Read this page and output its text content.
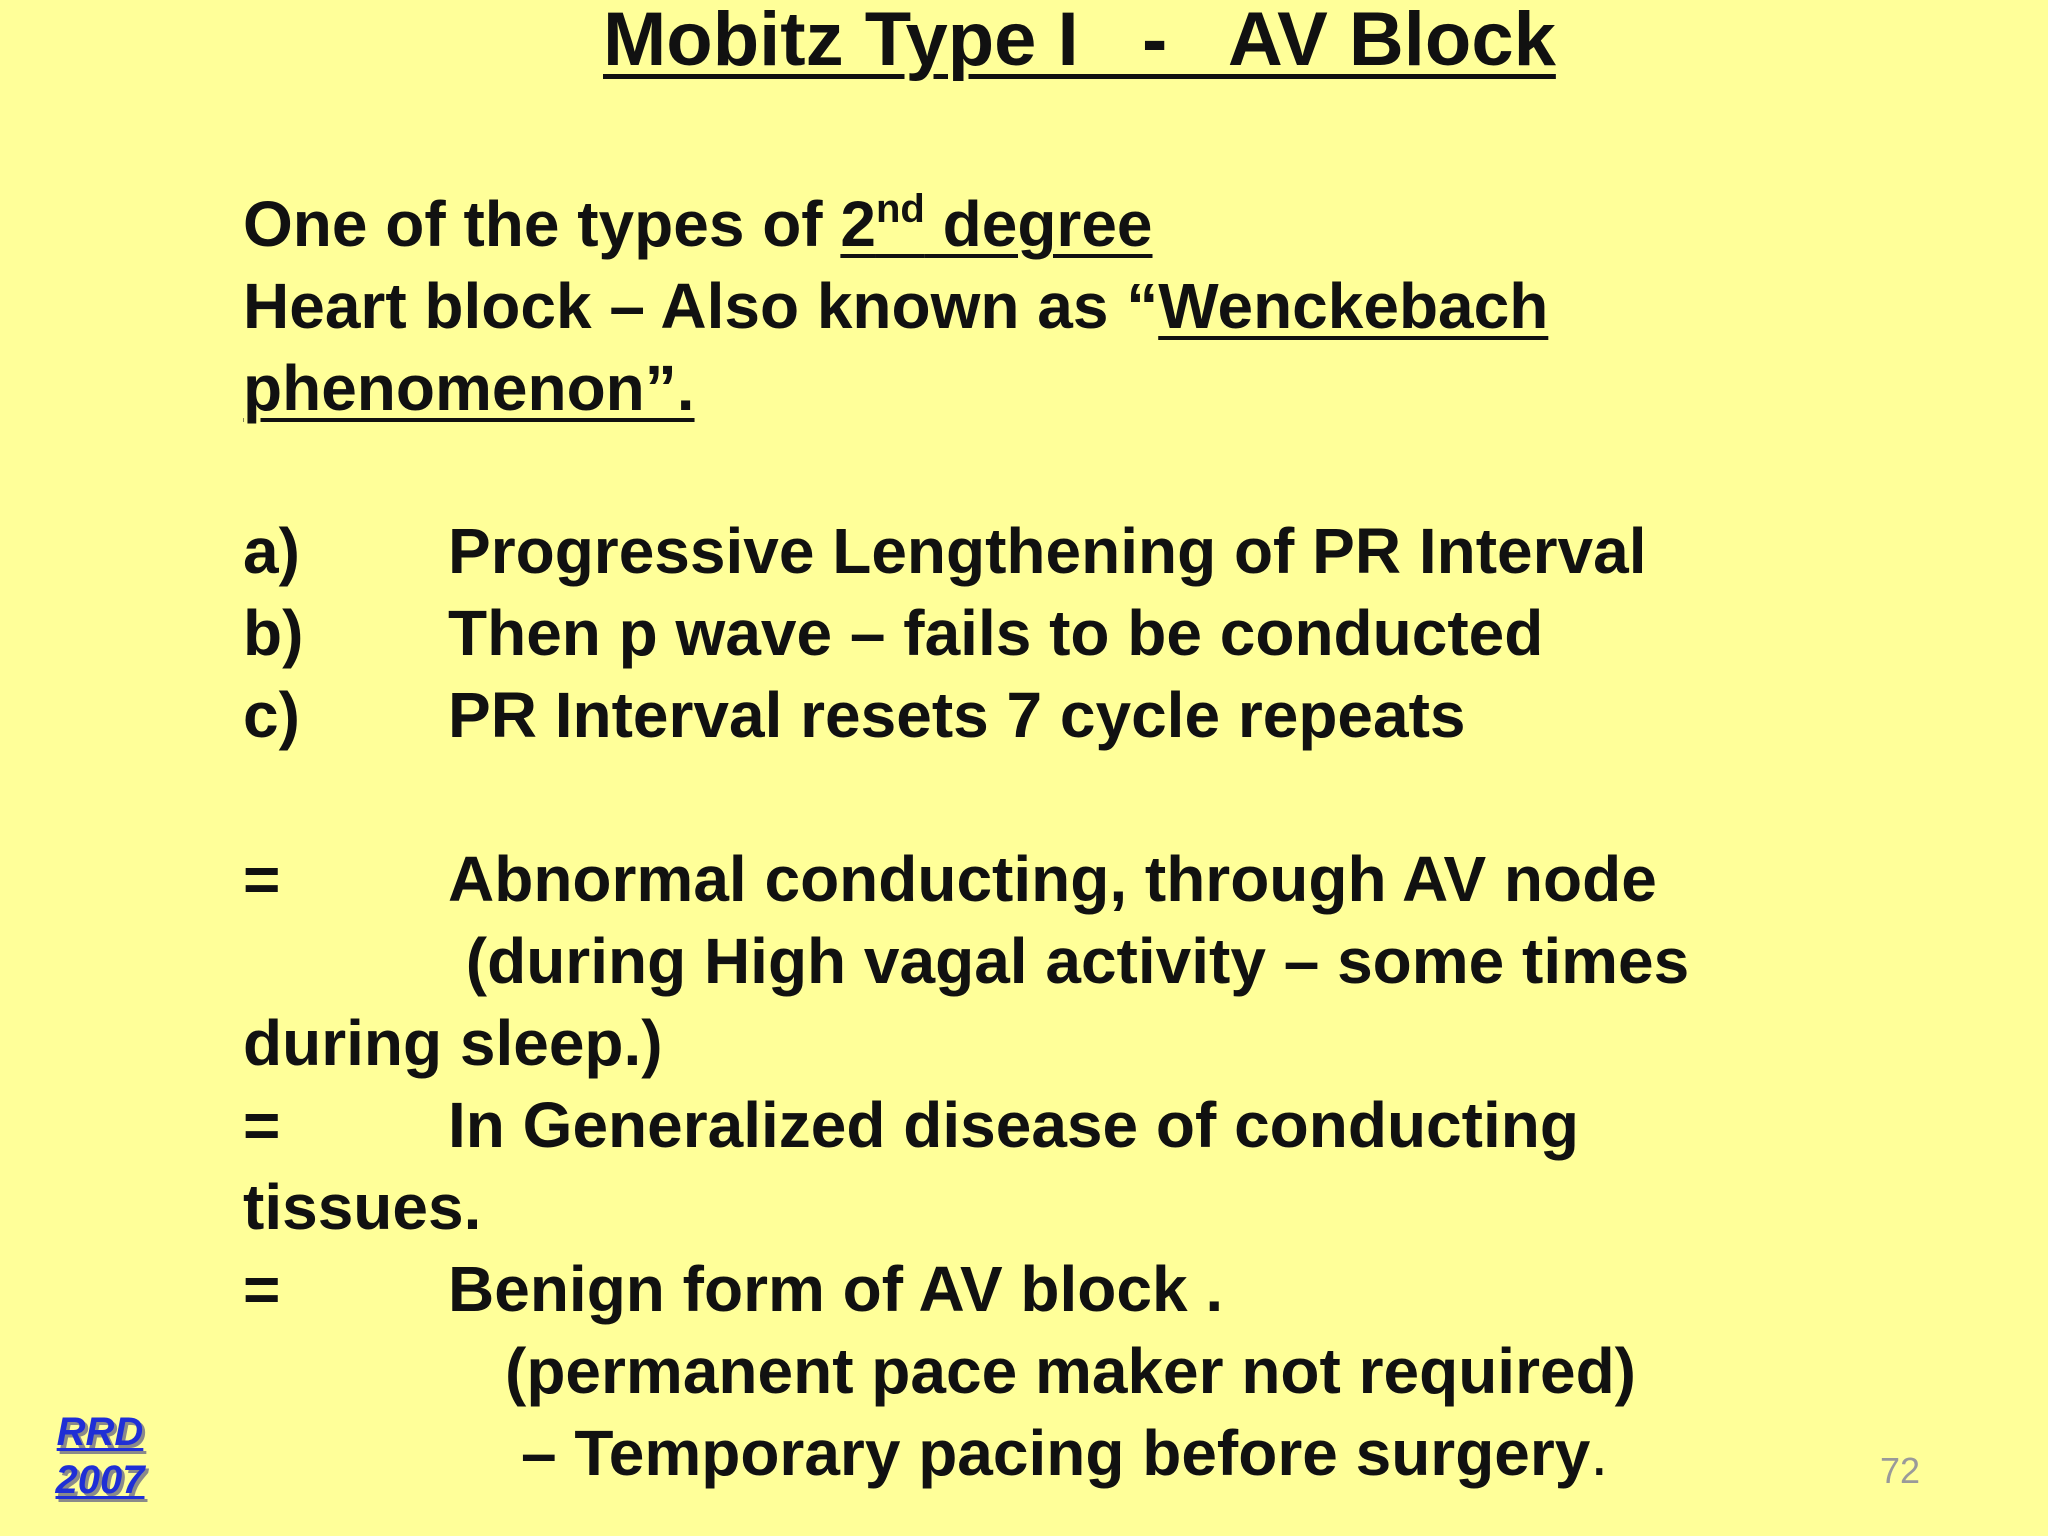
Mobitz Type I   -   AV Block
One of the types of 2nd degree
Heart block – Also known as “Wenckebach
phenomenon”.
a) Progressive Lengthening of PR Interval
b) Then p wave – fails to be conducted
c) PR Interval resets 7 cycle repeats
=	Abnormal conducting, through AV node
(during High vagal activity – some times
during sleep.)
=	In Generalized disease of conducting
tissues.
=	Benign form of AV block .
(permanent pace maker not required)
– Temporary pacing before surgery.
RRD
2007	72
